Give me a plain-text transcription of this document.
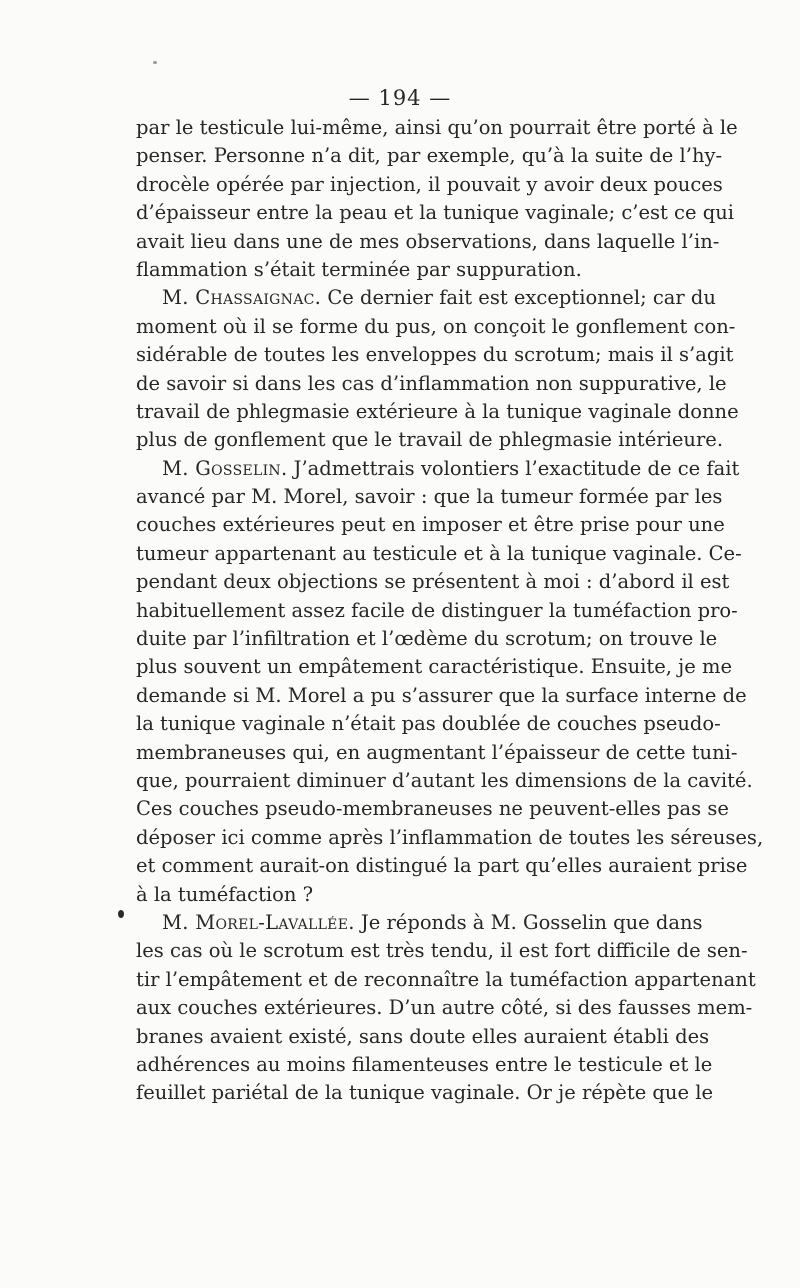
— 194 —
par le testicule lui-même, ainsi qu’on pourrait être porté à le
penser. Personne n’a dit, par exemple, qu’à la suite de l’hy-
drocèle opérée par injection, il pouvait y avoir deux pouces
d’épaisseur entre la peau et la tunique vaginale; c’est ce qui
avait lieu dans une de mes observations, dans laquelle l’in-
flammation s’était terminée par suppuration.
M. Chassaignac. Ce dernier fait est exceptionnel; car du
moment où il se forme du pus, on conçoit le gonflement con-
sidérable de toutes les enveloppes du scrotum; mais il s’agit
de savoir si dans les cas d’inflammation non suppurative, le
travail de phlegmasie extérieure à la tunique vaginale donne
plus de gonflement que le travail de phlegmasie intérieure.
M. Gosselin. J’admettrais volontiers l’exactitude de ce fait
avancé par M. Morel, savoir : que la tumeur formée par les
couches extérieures peut en imposer et être prise pour une
tumeur appartenant au testicule et à la tunique vaginale. Ce-
pendant deux objections se présentent à moi : d’abord il est
habituellement assez facile de distinguer la tuméfaction pro-
duite par l’infiltration et l’œdème du scrotum; on trouve le
plus souvent un empâtement caractéristique. Ensuite, je me
demande si M. Morel a pu s’assurer que la surface interne de
la tunique vaginale n’était pas doublée de couches pseudo-
membraneuses qui, en augmentant l’épaisseur de cette tuni-
que, pourraient diminuer d’autant les dimensions de la cavité.
Ces couches pseudo-membraneuses ne peuvent-elles pas se
déposer ici comme après l’inflammation de toutes les séreuses,
et comment aurait-on distingué la part qu’elles auraient prise
à la tuméfaction ?
M. Morel-Lavallée. Je réponds à M. Gosselin que dans
les cas où le scrotum est très tendu, il est fort difficile de sen-
tir l’empâtement et de reconnaître la tuméfaction appartenant
aux couches extérieures. D’un autre côté, si des fausses mem-
branes avaient existé, sans doute elles auraient établi des
adhérences au moins filamenteuses entre le testicule et le
feuillet pariétal de la tunique vaginale. Or je répète que le
